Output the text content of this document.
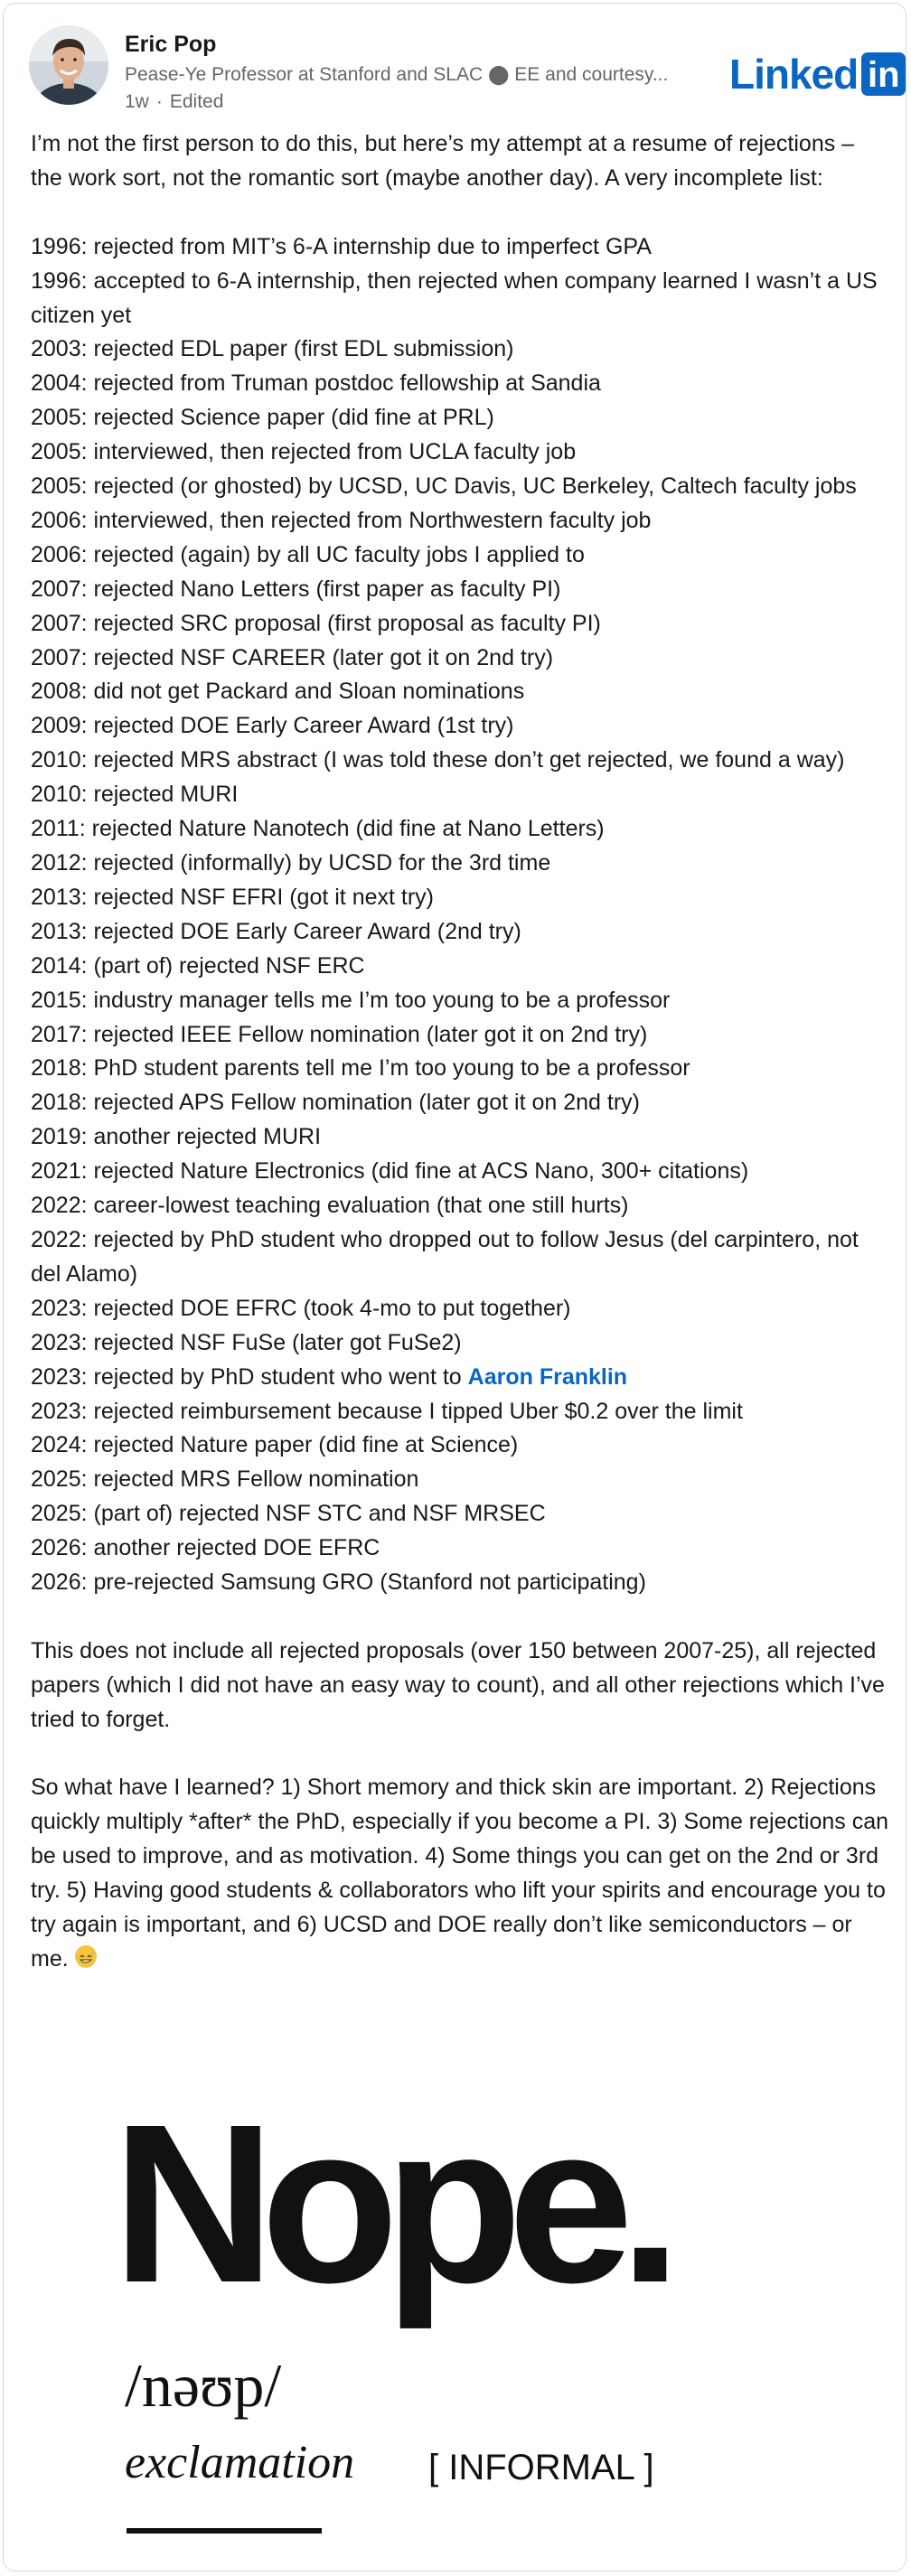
Eric Pop
Pease-Ye Professor at Stanford and SLAC ⬤ EE and courtesy...
1w · Edited
Linked in

I’m not the first person to do this, but here’s my attempt at a resume of rejections – the work sort, not the romantic sort (maybe another day). A very incomplete list:

1996: rejected from MIT’s 6-A internship due to imperfect GPA

1996: accepted to 6-A internship, then rejected when company learned I wasn’t a US citizen yet

2003: rejected EDL paper (first EDL submission)

2004: rejected from Truman postdoc fellowship at Sandia

2005: rejected Science paper (did fine at PRL)

2005: interviewed, then rejected from UCLA faculty job

2005: rejected (or ghosted) by UCSD, UC Davis, UC Berkeley, Caltech faculty jobs

2006: interviewed, then rejected from Northwestern faculty job

2006: rejected (again) by all UC faculty jobs I applied to

2007: rejected Nano Letters (first paper as faculty PI)

2007: rejected SRC proposal (first proposal as faculty PI)

2007: rejected NSF CAREER (later got it on 2nd try)

2008: did not get Packard and Sloan nominations

2009: rejected DOE Early Career Award (1st try)

2010: rejected MRS abstract (I was told these don’t get rejected, we found a way)

2010: rejected MURI

2011: rejected Nature Nanotech (did fine at Nano Letters)

2012: rejected (informally) by UCSD for the 3rd time

2013: rejected NSF EFRI (got it next try)

2013: rejected DOE Early Career Award (2nd try)

2014: (part of) rejected NSF ERC

2015: industry manager tells me I’m too young to be a professor

2017: rejected IEEE Fellow nomination (later got it on 2nd try)

2018: PhD student parents tell me I’m too young to be a professor

2018: rejected APS Fellow nomination (later got it on 2nd try)

2019: another rejected MURI

2021: rejected Nature Electronics (did fine at ACS Nano, 300+ citations)

2022: career-lowest teaching evaluation (that one still hurts)

2022: rejected by PhD student who dropped out to follow Jesus (del carpintero, not del Alamo)

2023: rejected DOE EFRC (took 4-mo to put together)

2023: rejected NSF FuSe (later got FuSe2)

2023: rejected by PhD student who went to Aaron Franklin

2023: rejected reimbursement because I tipped Uber $0.2 over the limit

2024: rejected Nature paper (did fine at Science)

2025: rejected MRS Fellow nomination

2025: (part of) rejected NSF STC and NSF MRSEC

2026: another rejected DOE EFRC

2026: pre-rejected Samsung GRO (Stanford not participating)

This does not include all rejected proposals (over 150 between 2007-25), all rejected papers (which I did not have an easy way to count), and all other rejections which I’ve tried to forget.

So what have I learned? 1) Short memory and thick skin are important. 2) Rejections quickly multiply *after* the PhD, especially if you become a PI. 3) Some rejections can be used to improve, and as motivation. 4) Some things you can get on the 2nd or 3rd try. 5) Having good students & collaborators who lift your spirits and encourage you to try again is important, and 6) UCSD and DOE really don’t like semiconductors – or me.

Nope.
/nəʊp/
exclamation [ INFORMAL ]
